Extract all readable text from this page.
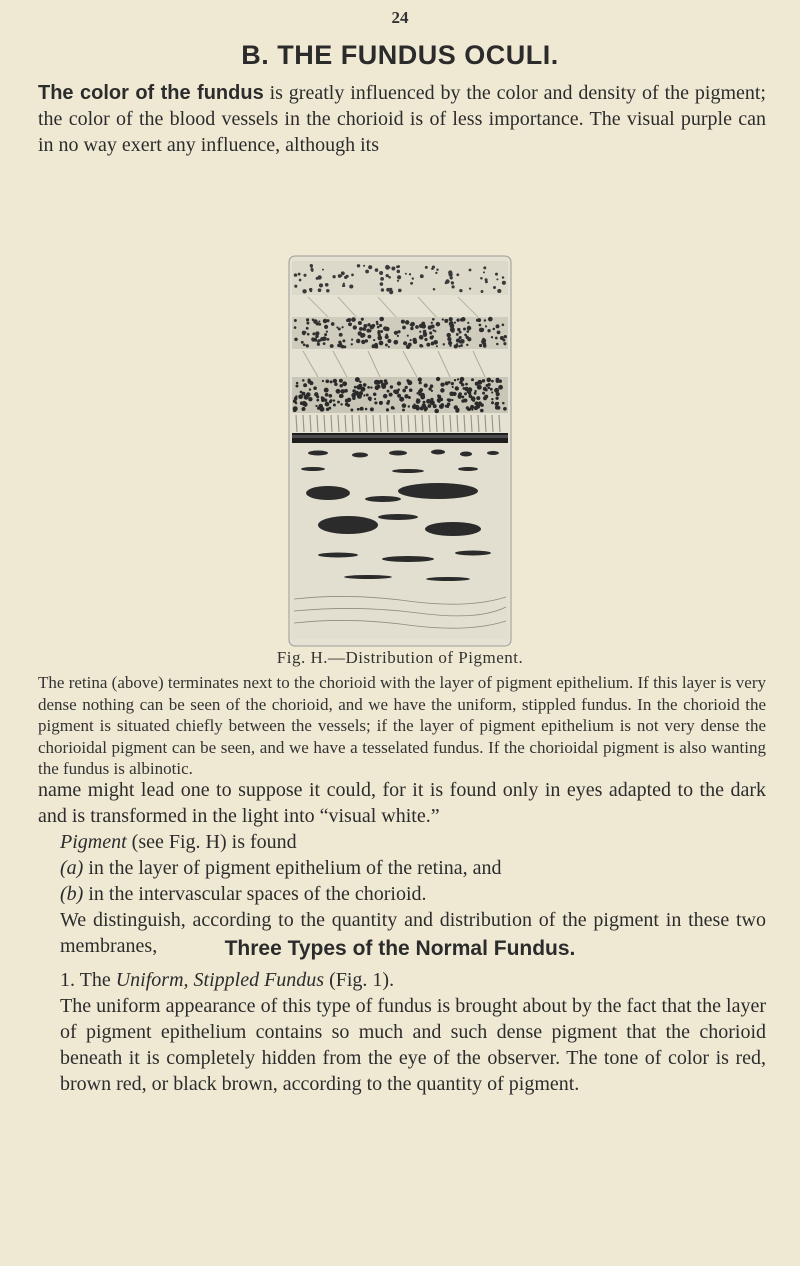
24
B. THE FUNDUS OCULI.
The color of the fundus is greatly influenced by the color and density of the pigment; the color of the blood vessels in the chorioid is of less importance. The visual purple can in no way exert any influence, although its
Fig. H.—Distribution of Pigment.
The retina (above) terminates next to the chorioid with the layer of pigment epithelium. If this layer is very dense nothing can be seen of the chorioid, and we have the uniform, stippled fundus. In the chorioid the pigment is situated chiefly between the vessels; if the layer of pigment epithelium is not very dense the chorioidal pigment can be seen, and we have a tesselated fundus. If the chorioidal pigment is also wanting the fundus is albinotic.
name might lead one to suppose it could, for it is found only in eyes adapted to the dark and is transformed in the light into “visual white.”
Pigment (see Fig. H) is found
(a) in the layer of pigment epithelium of the retina, and
(b) in the intervascular spaces of the chorioid.
We distinguish, according to the quantity and distribution of the pigment in these two membranes,	Three Types of the Normal Fundus.
1. The Uniform, Stippled Fundus (Fig. 1).
The uniform appearance of this type of fundus is brought about by the fact that the layer of pigment epithelium contains so much and such dense pigment that the chorioid beneath it is completely hidden from the eye of the observer. The tone of color is red, brown red, or black brown, according to the quantity of pigment.
